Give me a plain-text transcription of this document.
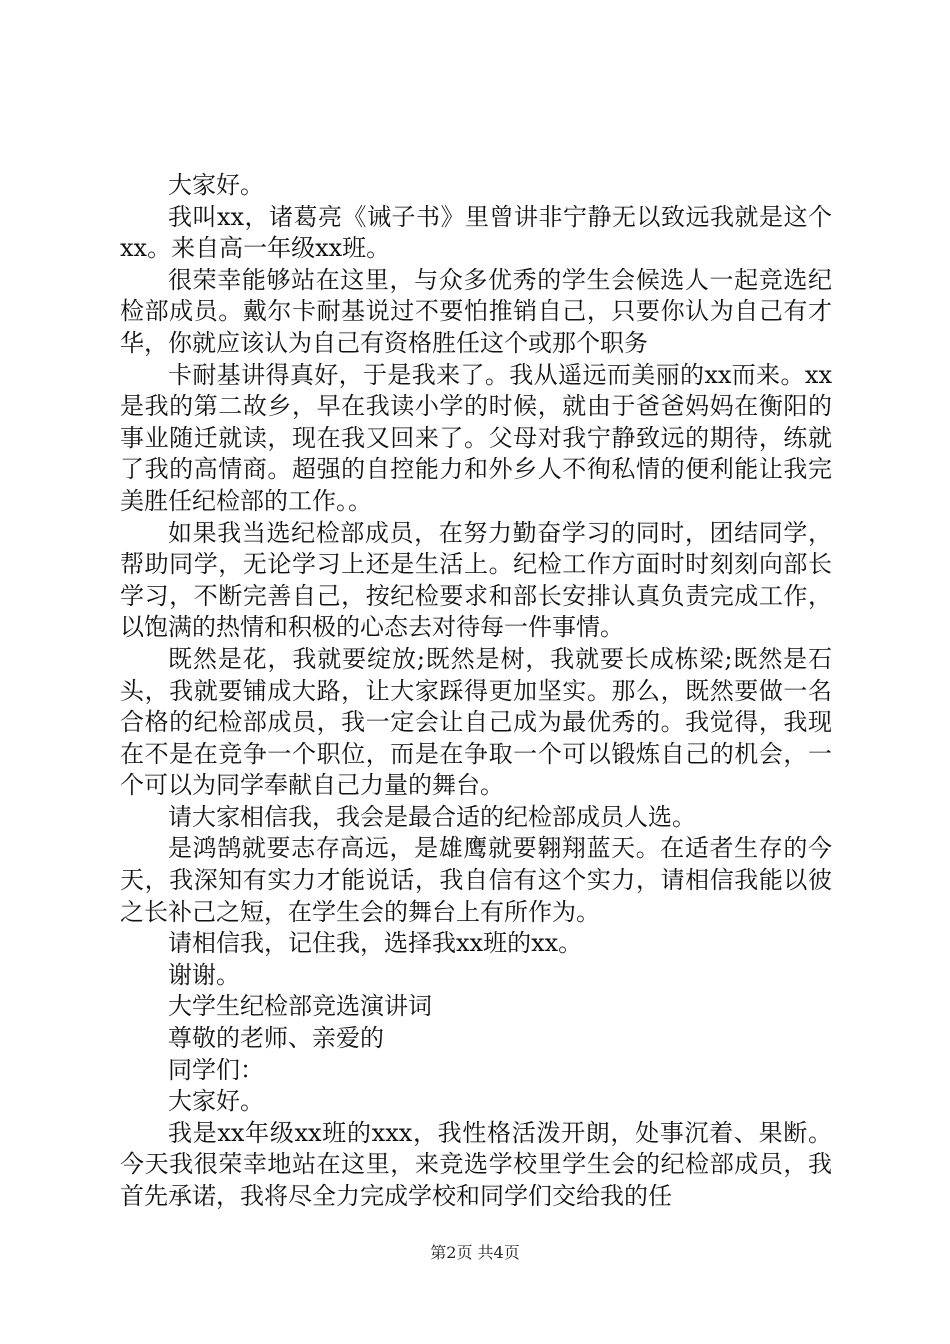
大家好。

我叫xx，诸葛亮《诫子书》里曾讲非宁静无以致远我就是这个xx。来自高一年级xx班。

很荣幸能够站在这里，与众多优秀的学生会候选人一起竞选纪检部成员。戴尔卡耐基说过不要怕推销自己，只要你认为自己有才华，你就应该认为自己有资格胜任这个或那个职务

卡耐基讲得真好，于是我来了。我从遥远而美丽的xx而来。xx是我的第二故乡，早在我读小学的时候，就由于爸爸妈妈在衡阳的事业随迁就读，现在我又回来了。父母对我宁静致远的期待，练就了我的高情商。超强的自控能力和外乡人不徇私情的便利能让我完美胜任纪检部的工作。。

如果我当选纪检部成员，在努力勤奋学习的同时，团结同学，帮助同学，无论学习上还是生活上。纪检工作方面时时刻刻向部长学习，不断完善自己，按纪检要求和部长安排认真负责完成工作，以饱满的热情和积极的心态去对待每一件事情。

既然是花，我就要绽放;既然是树，我就要长成栋梁;既然是石头，我就要铺成大路，让大家踩得更加坚实。那么，既然要做一名合格的纪检部成员，我一定会让自己成为最优秀的。我觉得，我现在不是在竞争一个职位，而是在争取一个可以锻炼自己的机会，一个可以为同学奉献自己力量的舞台。

请大家相信我，我会是最合适的纪检部成员人选。

是鸿鹄就要志存高远，是雄鹰就要翱翔蓝天。在适者生存的今天，我深知有实力才能说话，我自信有这个实力，请相信我能以彼之长补己之短，在学生会的舞台上有所作为。

请相信我，记住我，选择我xx班的xx。

谢谢。

大学生纪检部竞选演讲词

尊敬的老师、亲爱的

同学们：

大家好。

我是xx年级xx班的xxx，我性格活泼开朗，处事沉着、果断。今天我很荣幸地站在这里，来竞选学校里学生会的纪检部成员，我首先承诺，我将尽全力完成学校和同学们交给我的任

第2页 共4页
